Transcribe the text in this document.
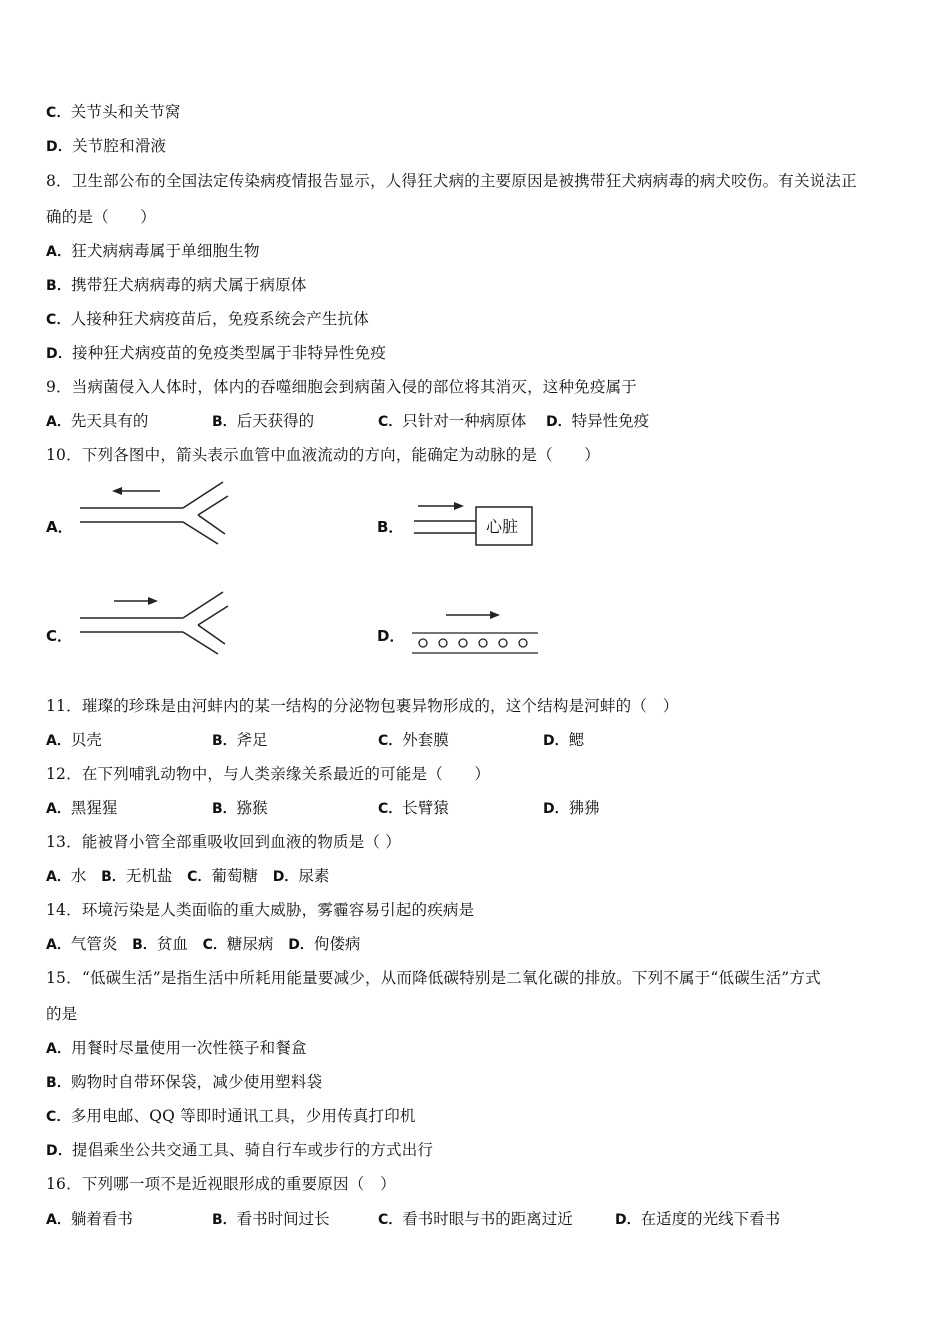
C．关节头和关节窝
D．关节腔和滑液
8．卫生部公布的全国法定传染病疫情报告显示，人得狂犬病的主要原因是被携带狂犬病病毒的病犬咬伤。有关说法正
确的是（　　）
A．狂犬病病毒属于单细胞生物
B．携带狂犬病病毒的病犬属于病原体
C．人接种狂犬病疫苗后，免疫系统会产生抗体
D．接种狂犬病疫苗的免疫类型属于非特异性免疫
9．当病菌侵入人体时，体内的吞噬细胞会到病菌入侵的部位将其消灭，这种免疫属于
A．先天具有的	B．后天获得的	C．只针对一种病原体 D．特异性免疫
10．下列各图中，箭头表示血管中血液流动的方向，能确定为动脉的是（　　）
A．	B．	心脏
C．	D．
11．璀璨的珍珠是由河蚌内的某一结构的分泌物包裹异物形成的，这个结构是河蚌的（　）
A．贝壳	B．斧足	C．外套膜	D．鳃
12．在下列哺乳动物中，与人类亲缘关系最近的可能是（　　）
A．黑猩猩	B．猕猴	C．长臂猿	D．狒狒
13．能被肾小管全部重吸收回到血液的物质是（ ）
A．水 B．无机盐 C．葡萄糖 D．尿素
14．环境污染是人类面临的重大威胁，雾霾容易引起的疾病是
A．气管炎 B．贫血 C．糖尿病 D．佝偻病
15．“低碳生活”是指生活中所耗用能量要减少，从而降低碳特别是二氧化碳的排放。下列不属于“低碳生活”方式
的是
A．用餐时尽量使用一次性筷子和餐盒
B．购物时自带环保袋，减少使用塑料袋
C．多用电邮、QQ 等即时通讯工具，少用传真打印机
D．提倡乘坐公共交通工具、骑自行车或步行的方式出行
16．下列哪一项不是近视眼形成的重要原因（　）
A．躺着看书	B．看书时间过长	C．看书时眼与书的距离过近	D．在适度的光线下看书
